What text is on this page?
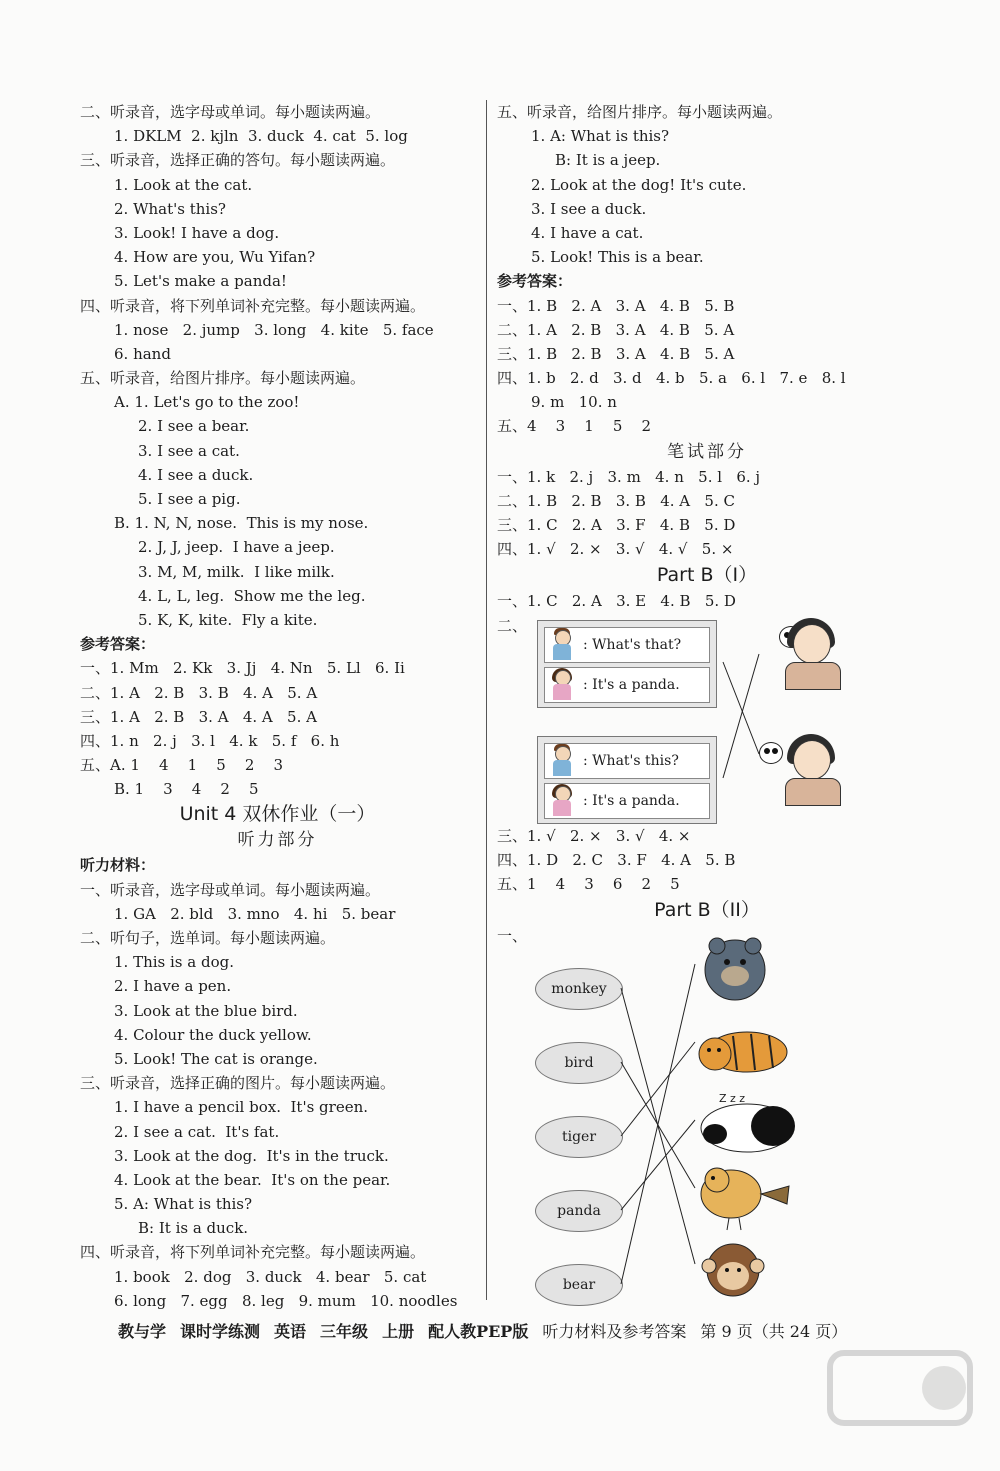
二、听录音，选字母或单词。每小题读两遍。
1. DKLM  2. kjln  3. duck  4. cat  5. log
三、听录音，选择正确的答句。每小题读两遍。
1. Look at the cat.
2. What's this?
3. Look! I have a dog.
4. How are you, Wu Yifan?
5. Let's make a panda!
四、听录音，将下列单词补充完整。每小题读两遍。
1. nose   2. jump   3. long   4. kite   5. face
6. hand
五、听录音，给图片排序。每小题读两遍。
A. 1. Let's go to the zoo!
2. I see a bear.
3. I see a cat.
4. I see a duck.
5. I see a pig.
B. 1. N, N, nose.  This is my nose.
2. J, J, jeep.  I have a jeep.
3. M, M, milk.  I like milk.
4. L, L, leg.  Show me the leg.
5. K, K, kite.  Fly a kite.
参考答案：
一、1. Mm   2. Kk   3. Jj   4. Nn   5. Ll   6. Ii
二、1. A   2. B   3. B   4. A   5. A
三、1. A   2. B   3. A   4. A   5. A
四、1. n   2. j   3. l   4. k   5. f   6. h
五、A. 1    4    1    5    2    3
B. 1    3    4    2    5
Unit 4 双休作业（一）
听力部分
听力材料：
一、听录音，选字母或单词。每小题读两遍。
1. GA   2. bld   3. mno   4. hi   5. bear
二、听句子，选单词。每小题读两遍。
1. This is a dog.
2. I have a pen.
3. Look at the blue bird.
4. Colour the duck yellow.
5. Look! The cat is orange.
三、听录音，选择正确的图片。每小题读两遍。
1. I have a pencil box.  It's green.
2. I see a cat.  It's fat.
3. Look at the dog.  It's in the truck.
4. Look at the bear.  It's on the pear.
5. A: What is this?
B: It is a duck.
四、听录音，将下列单词补充完整。每小题读两遍。
1. book   2. dog   3. duck   4. bear   5. cat
6. long   7. egg   8. leg   9. mum   10. noodles
五、听录音，给图片排序。每小题读两遍。
1. A: What is this?
B: It is a jeep.
2. Look at the dog! It's cute.
3. I see a duck.
4. I have a cat.
5. Look! This is a bear.
参考答案：
一、1. B   2. A   3. A   4. B   5. B
二、1. A   2. B   3. A   4. B   5. A
三、1. B   2. B   3. A   4. B   5. A
四、1. b   2. d   3. d   4. b   5. a   6. l   7. e   8. l
9. m   10. n
五、4    3    1    5    2
笔试部分
一、1. k   2. j   3. m   4. n   5. l   6. j
二、1. B   2. B   3. B   4. A   5. C
三、1. C   2. A   3. F   4. B   5. D
四、1. √   2. ×   3. √   4. √   5. ×
Part B（I）
一、1. C   2. A   3. E   4. B   5. D
二、
: What's that?
: It's a panda.
: What's this?
: It's a panda.
三、1. √   2. ×   3. √   4. ×
四、1. D   2. C   3. F   4. A   5. B
五、1    4    3    6    2    5
Part B（II）
一、
monkey
bird
tiger
panda
bear
Z z z
教与学 课时学练测 英语 三年级 上册 配人教PEP版 听力材料及参考答案 第 9 页（共 24 页）
